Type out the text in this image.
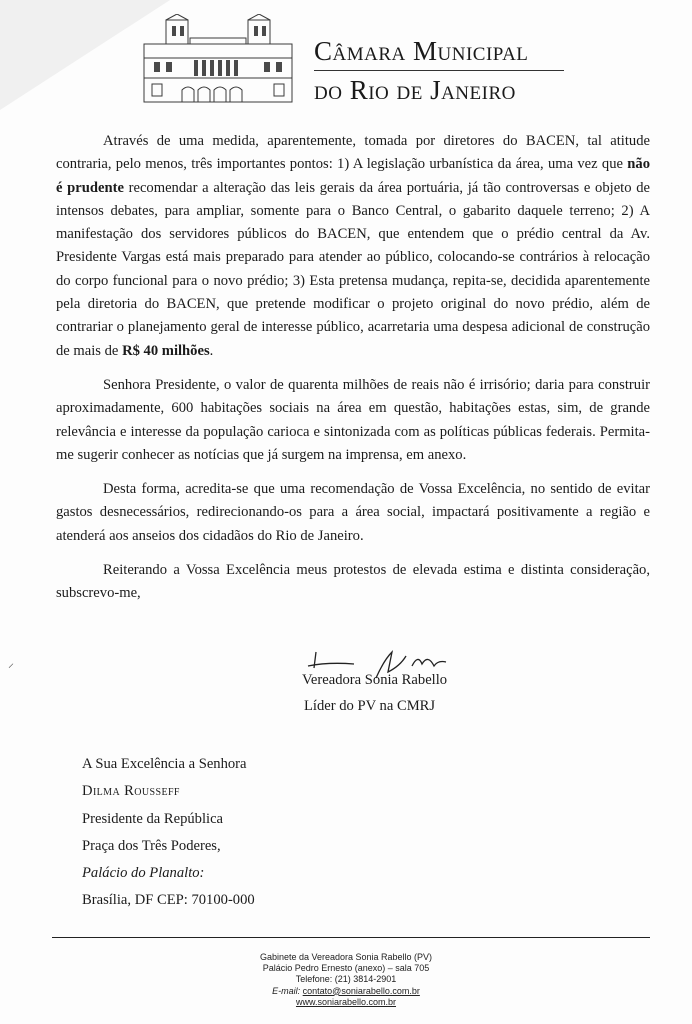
Câmara Municipal
do Rio de Janeiro

Através de uma medida, aparentemente, tomada por diretores do BACEN, tal atitude contraria, pelo menos, três importantes pontos: 1) A legislação urbanística da área, uma vez que não é prudente recomendar a alteração das leis gerais da área portuária, já tão controversas e objeto de intensos debates, para ampliar, somente para o Banco Central, o gabarito daquele terreno; 2) A manifestação dos servidores públicos do BACEN, que entendem que o prédio central da Av. Presidente Vargas está mais preparado para atender ao público, colocando-se contrários à relocação do corpo funcional para o novo prédio; 3) Esta pretensa mudança, repita-se, decidida aparentemente pela diretoria do BACEN, que pretende modificar o projeto original do novo prédio, além de contrariar o planejamento geral de interesse público, acarretaria uma despesa adicional de construção de mais de R$ 40 milhões.

Senhora Presidente, o valor de quarenta milhões de reais não é irrisório; daria para construir aproximadamente, 600 habitações sociais na área em questão, habitações estas, sim, de grande relevância e interesse da população carioca e sintonizada com as políticas públicas federais. Permita-me sugerir conhecer as notícias que já surgem na imprensa, em anexo.

Desta forma, acredita-se que uma recomendação de Vossa Excelência, no sentido de evitar gastos desnecessários, redirecionando-os para a área social, impactará positivamente a região e atenderá aos anseios dos cidadãos do Rio de Janeiro.

Reiterando a Vossa Excelência meus protestos de elevada estima e distinta consideração, subscrevo-me,

Vereadora Sonia Rabello
Líder do PV na CMRJ
A Sua Excelência a Senhora
Dilma Rousseff
Presidente da República
Praça dos Três Poderes,
Palácio do Planalto:
Brasília, DF CEP: 70100-000
Gabinete da Vereadora Sonia Rabello (PV)
Palácio Pedro Ernesto (anexo) – sala 705
Telefone: (21) 3814-2901
E-mail: contato@soniarabello.com.br
www.soniarabello.com.br
⸝
